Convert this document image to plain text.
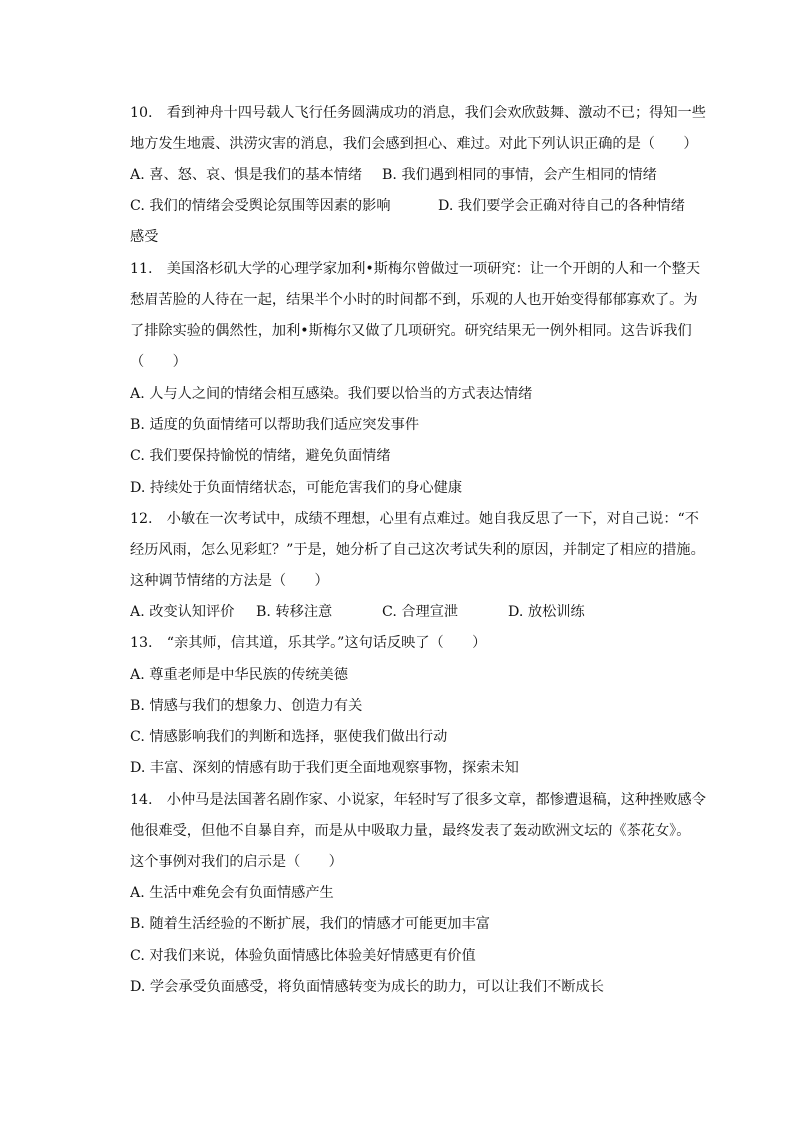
10.　看到神舟十四号载人飞行任务圆满成功的消息，我们会欢欣鼓舞、激动不已；得知一些
地方发生地震、洪涝灾害的消息，我们会感到担心、难过。对此下列认识正确的是（　　）
A. 喜、怒、哀、惧是我们的基本情绪 B. 我们遇到相同的事情，会产生相同的情绪
C. 我们的情绪会受舆论氛围等因素的影响	D. 我们要学会正确对待自己的各种情绪
感受
11.　美国洛杉矶大学的心理学家加利•斯梅尔曾做过一项研究：让一个开朗的人和一个整天
愁眉苦脸的人待在一起，结果半个小时的时间都不到，乐观的人也开始变得郁郁寡欢了。为
了排除实验的偶然性，加利•斯梅尔又做了几项研究。研究结果无一例外相同。这告诉我们
（　　）
A. 人与人之间的情绪会相互感染。我们要以恰当的方式表达情绪
B. 适度的负面情绪可以帮助我们适应突发事件
C. 我们要保持愉悦的情绪，避免负面情绪
D. 持续处于负面情绪状态，可能危害我们的身心健康
12.　小敏在一次考试中，成绩不理想，心里有点难过。她自我反思了一下，对自己说：“不
经历风雨，怎么见彩虹？”于是，她分析了自己这次考试失利的原因，并制定了相应的措施。
这种调节情绪的方法是（　　）
A. 改变认知评价 B. 转移注意	C. 合理宣泄	D. 放松训练
13.　“亲其师，信其道，乐其学。”这句话反映了（　　）
A. 尊重老师是中华民族的传统美德
B. 情感与我们的想象力、创造力有关
C. 情感影响我们的判断和选择，驱使我们做出行动
D. 丰富、深刻的情感有助于我们更全面地观察事物，探索未知
14.　小仲马是法国著名剧作家、小说家，年轻时写了很多文章，都惨遭退稿，这种挫败感令
他很难受，但他不自暴自弃，而是从中吸取力量，最终发表了轰动欧洲文坛的《茶花女》。
这个事例对我们的启示是（　　）
A. 生活中难免会有负面情感产生
B. 随着生活经验的不断扩展，我们的情感才可能更加丰富
C. 对我们来说，体验负面情感比体验美好情感更有价值
D. 学会承受负面感受，将负面情感转变为成长的助力，可以让我们不断成长
